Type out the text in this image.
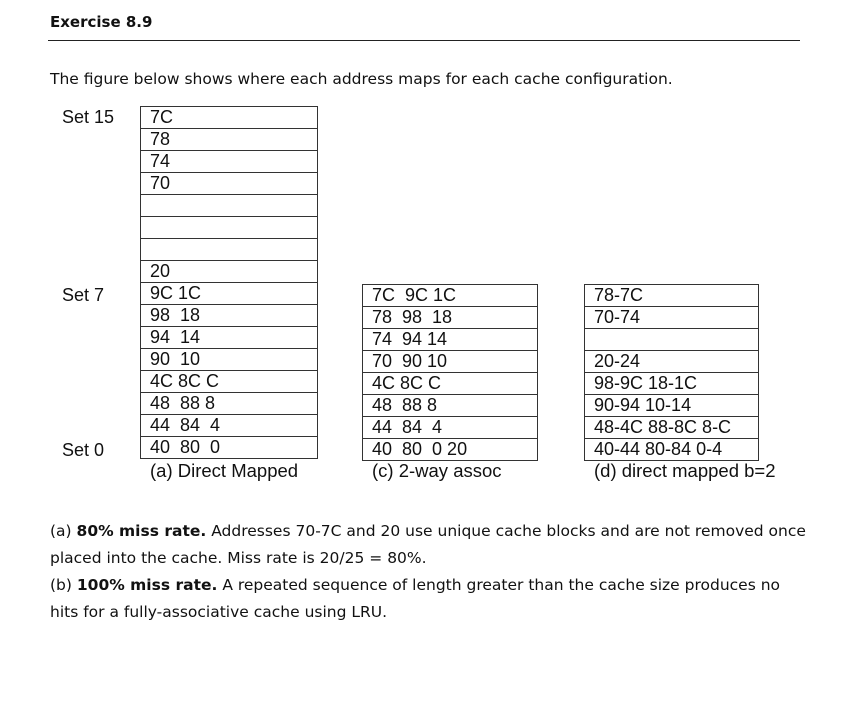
Exercise 8.9
The figure below shows where each address maps for each cache configuration.
Set 15
Set 7
Set 0
7C
78
74
70
20
9C 1C
98  18
94  14
90  10
4C 8C C
48  88 8
44  84  4
40  80  0
(a) Direct Mapped
7C  9C 1C
78  98  18
74  94 14
70  90 10
4C 8C C
48  88 8
44  84  4
40  80  0 20
(c) 2-way assoc
78-7C
70-74
20-24
98-9C 18-1C
90-94 10-14
48-4C 88-8C 8-C
40-44 80-84 0-4
(d) direct mapped b=2
(a) 80% miss rate. Addresses 70-7C and 20 use unique cache blocks and are not removed once placed into the cache. Miss rate is 20/25 = 80%.
(b) 100% miss rate. A repeated sequence of length greater than the cache size produces no hits for a fully-associative cache using LRU.
